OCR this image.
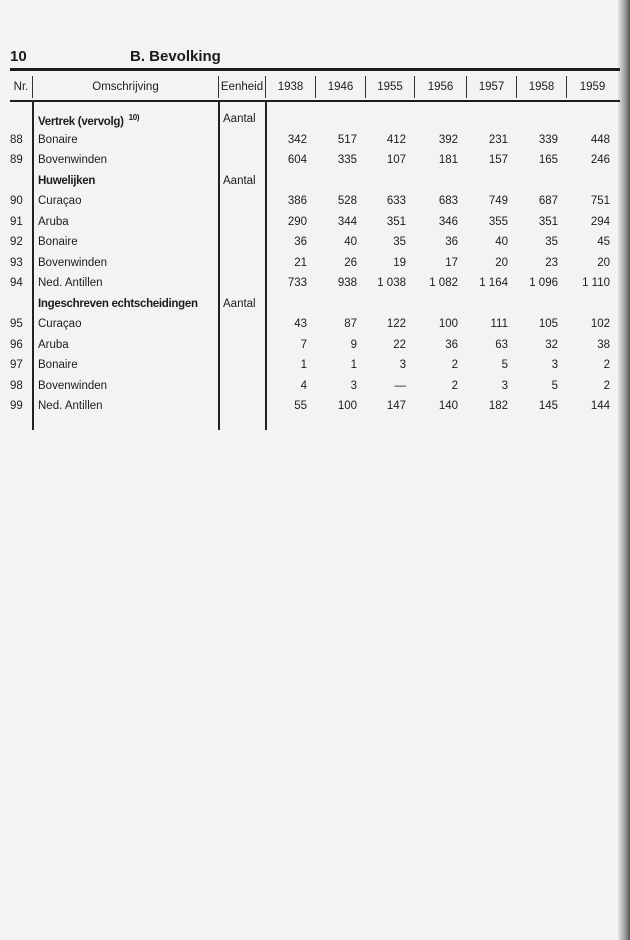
10	B. Bevolking
Nr.	Omschrijving	Eenheid	1938	1946	1955	1956	1957	1958	1959
Vertrek (vervolg) $^{10)}$	Aantal
88 Bonaire	342	517	412	392	231	339	448
89 Bovenwinden	604	335	107	181	157	165	246
Huwelijken	Aantal
90 Curaçao	386	528	633	683	749	687	751
91 Aruba	290	344	351	346	355	351	294
92 Bonaire	36	40	35	36	40	35	45
93 Bovenwinden	21	26	19	17	20	23	20
94 Ned. Antillen	733	938	1 038	1 082	1 164	1 096	1 110
Ingeschreven echtscheidingen Aantal
95 Curaçao	43	87	122	100	111	105	102
96 Aruba	7	9	22	36	63	32	38
97 Bonaire	1	1	3	2	5	3	2
98 Bovenwinden	4	3	—	2	3	5	2
99 Ned. Antillen	55	100	147	140	182	145	144
